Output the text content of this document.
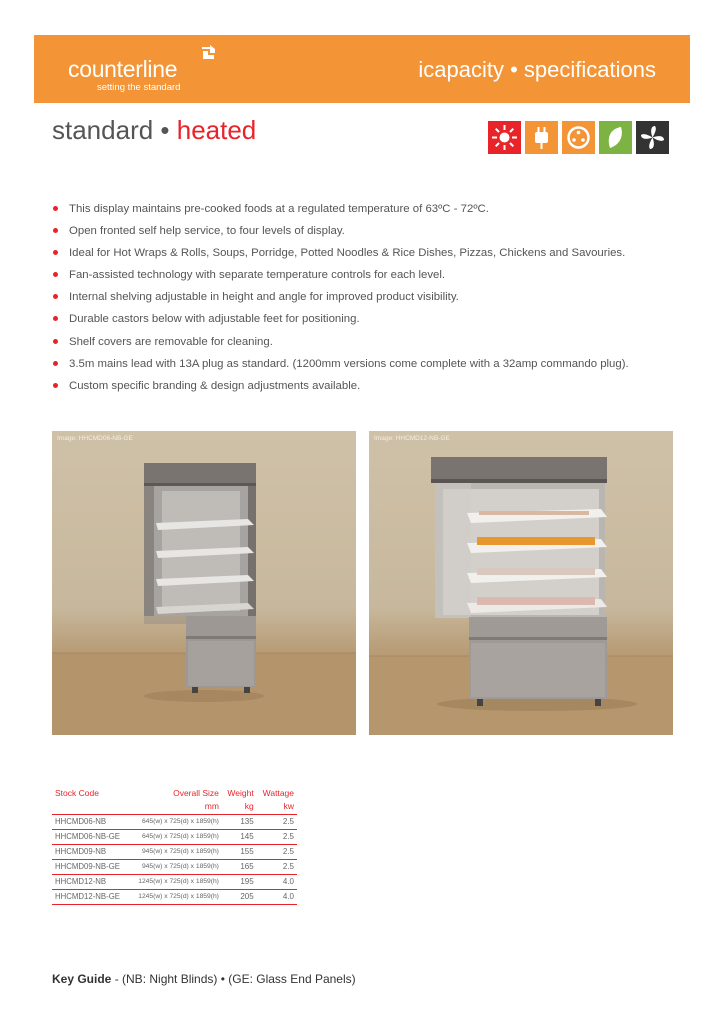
counterline
setting the standard
icapacity • specifications
standard • heated
This display maintains pre-cooked foods at a regulated temperature of 63ºC - 72ºC.
Open fronted self help service, to four levels of display.
Ideal for Hot Wraps & Rolls, Soups, Porridge, Potted Noodles & Rice Dishes, Pizzas, Chickens and Savouries.
Fan-assisted technology with separate temperature controls for each level.
Internal shelving adjustable in height and angle for improved product visibility.
Durable castors below with adjustable feet for positioning.
Shelf covers are removable for cleaning.
3.5m mains lead with 13A plug as standard. (1200mm versions come complete with a 32amp commando plug).
Custom specific branding & design adjustments available.
Image: HHCMD06-NB-GE	Image: HHCMD12-NB-GE
Stock Code	Overall Size	Weight	Wattage
	mm	kg	kw
HHCMD06-NB	645(w) x 725(d) x 1859(h)	135	2.5
HHCMD06-NB-GE	645(w) x 725(d) x 1859(h)	145	2.5
HHCMD09-NB	945(w) x 725(d) x 1859(h)	155	2.5
HHCMD09-NB-GE	945(w) x 725(d) x 1859(h)	165	2.5
HHCMD12-NB	1245(w) x 725(d) x 1859(h)	195	4.0
HHCMD12-NB-GE	1245(w) x 725(d) x 1859(h)	205	4.0
Key Guide - (NB: Night Blinds) • (GE: Glass End Panels)
